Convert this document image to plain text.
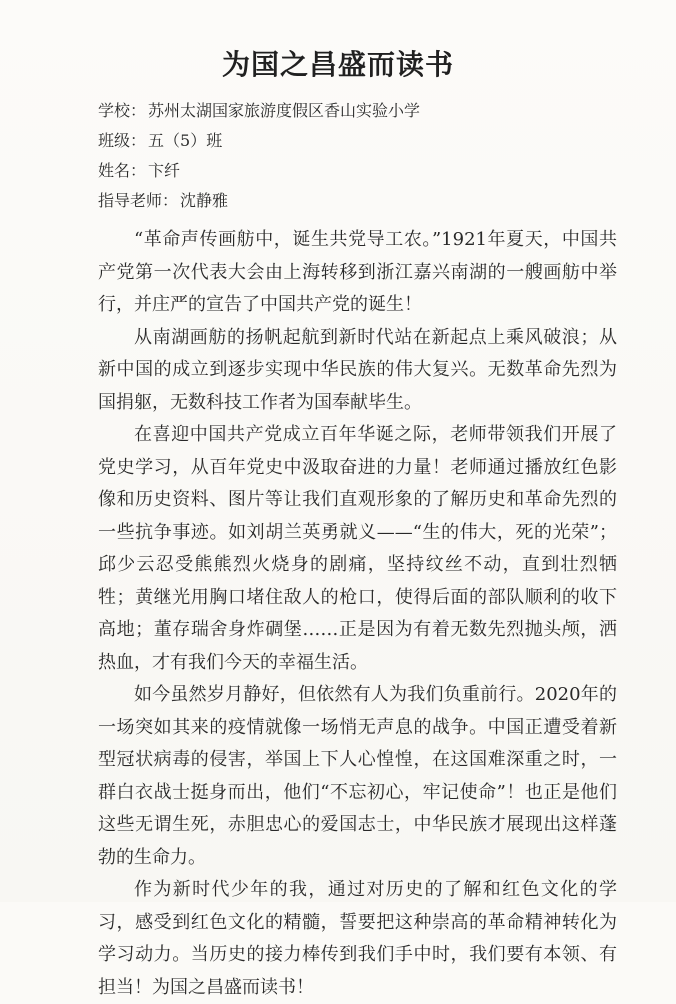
为国之昌盛而读书
学校： 苏州太湖国家旅游度假区香山实验小学
班级： 五（5）班
姓名： 卞纤
指导老师： 沈静雅

“革命声传画舫中，诞生共党导工农。”1921年夏天，中国共产党第一次代表大会由上海转移到浙江嘉兴南湖的一艘画舫中举行，并庄严的宣告了中国共产党的诞生！

从南湖画舫的扬帆起航到新时代站在新起点上乘风破浪；从新中国的成立到逐步实现中华民族的伟大复兴。无数革命先烈为国捐躯，无数科技工作者为国奉献毕生。

在喜迎中国共产党成立百年华诞之际，老师带领我们开展了党史学习，从百年党史中汲取奋进的力量！老师通过播放红色影像和历史资料、图片等让我们直观形象的了解历史和革命先烈的一些抗争事迹。如刘胡兰英勇就义——“生的伟大，死的光荣”；邱少云忍受熊熊烈火烧身的剧痛，坚持纹丝不动，直到壮烈牺牲；黄继光用胸口堵住敌人的枪口，使得后面的部队顺利的收下高地；董存瑞舍身炸碉堡……正是因为有着无数先烈抛头颅，洒热血，才有我们今天的幸福生活。

如今虽然岁月静好，但依然有人为我们负重前行。2020年的一场突如其来的疫情就像一场悄无声息的战争。中国正遭受着新型冠状病毒的侵害，举国上下人心惶惶，在这国难深重之时，一群白衣战士挺身而出，他们“不忘初心，牢记使命”！也正是他们这些无谓生死，赤胆忠心的爱国志士，中华民族才展现出这样蓬勃的生命力。

作为新时代少年的我，通过对历史的了解和红色文化的学习，感受到红色文化的精髓，誓要把这种崇高的革命精神转化为学习动力。当历史的接力棒传到我们手中时，我们要有本领、有担当！为国之昌盛而读书！
